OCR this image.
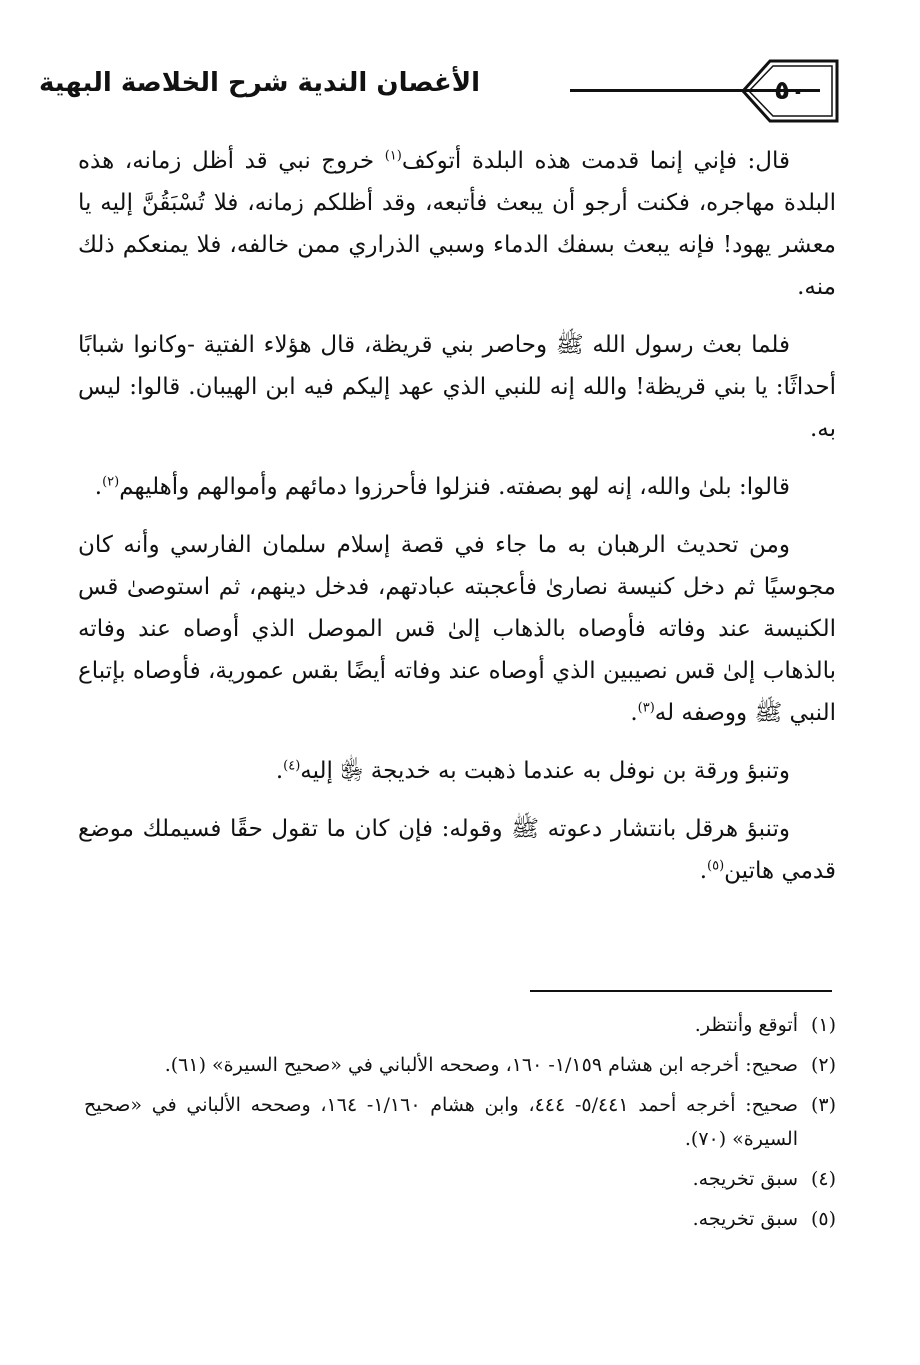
الأغصان الندية شرح الخلاصة البهية	٥٠

قال: فإني إنما قدمت هذه البلدة أتوكف$^{(١)}$ خروج نبي قد أظل زمانه، هذه البلدة مهاجره، فكنت أرجو أن يبعث فأتبعه، وقد أظلكم زمانه، فلا تُسْبَقُنَّ إليه يا معشر يهود! فإنه يبعث بسفك الدماء وسبي الذراري ممن خالفه، فلا يمنعكم ذلك منه.

فلما بعث رسول الله ﷺ وحاصر بني قريظة، قال هؤلاء الفتية -وكانوا شبابًا أحداثًا: يا بني قريظة! والله إنه للنبي الذي عهد إليكم فيه ابن الهيبان. قالوا: ليس به.

قالوا: بلىٰ والله، إنه لهو بصفته. فنزلوا فأحرزوا دمائهم وأموالهم وأهليهم$^{(٢)}$.

ومن تحديث الرهبان به ما جاء في قصة إسلام سلمان الفارسي وأنه كان مجوسيًا ثم دخل كنيسة نصارىٰ فأعجبته عبادتهم، فدخل دينهم، ثم استوصىٰ قس الكنيسة عند وفاته فأوصاه بالذهاب إلىٰ قس الموصل الذي أوصاه عند وفاته بالذهاب إلىٰ قس نصيبين الذي أوصاه عند وفاته أيضًا بقس عمورية، فأوصاه بإتباع النبي ﷺ ووصفه له$^{(٣)}$.

وتنبؤ ورقة بن نوفل به عندما ذهبت به خديجة ﵂ إليه$^{(٤)}$.

وتنبؤ هرقل بانتشار دعوته ﷺ وقوله: فإن كان ما تقول حقًا فسيملك موضع قدمي هاتين$^{(٥)}$.

(١)أتوقع وأنتظر.

(٢)صحيح: أخرجه ابن هشام ١/١٥٩- ١٦٠، وصححه الألباني في «صحيح السيرة» (٦١).

(٣)صحيح: أخرجه أحمد ٥/٤٤١- ٤٤٤، وابن هشام ١/١٦٠- ١٦٤، وصححه الألباني في «صحيح السيرة» (٧٠).

(٤)سبق تخريجه.

(٥)سبق تخريجه.
